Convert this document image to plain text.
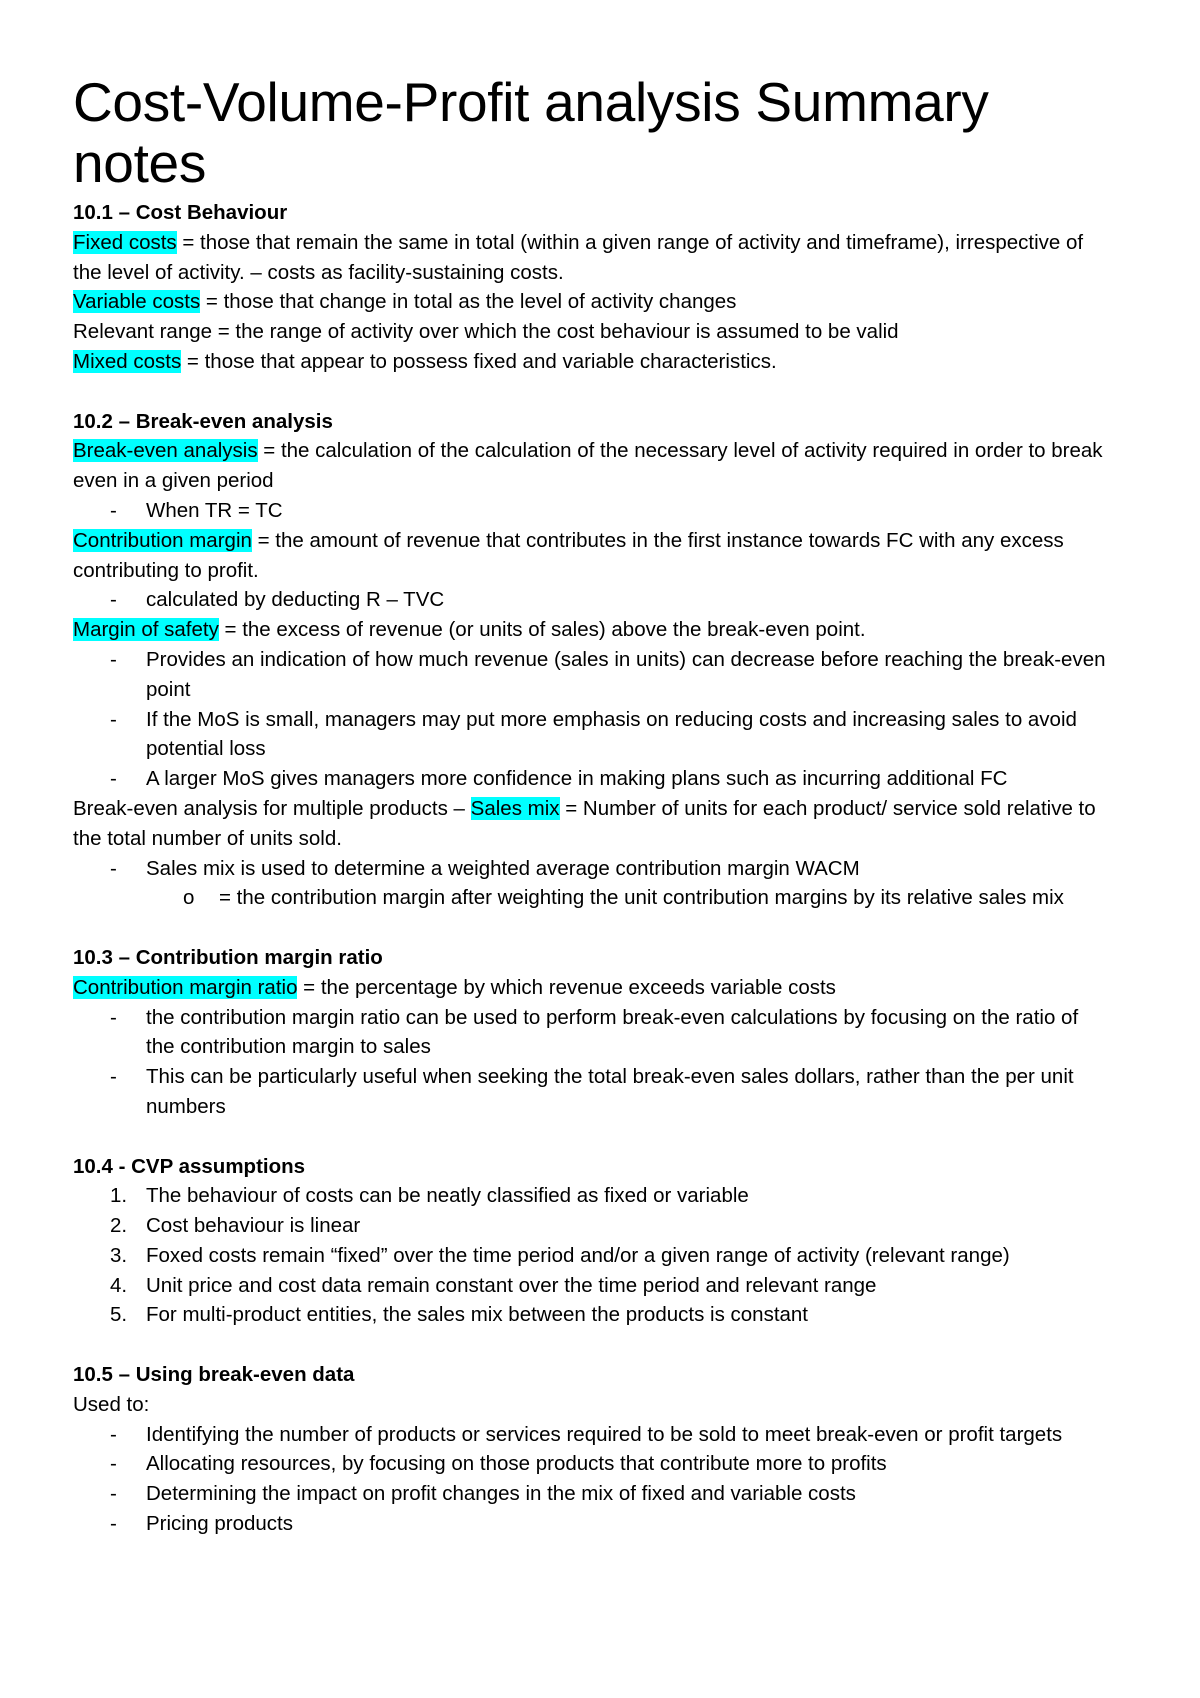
Cost-Volume-Profit analysis Summary notes

10.1 – Cost Behaviour

Fixed costs = those that remain the same in total (within a given range of activity and timeframe), irrespective of the level of activity. – costs as facility-sustaining costs.

Variable costs = those that change in total as the level of activity changes

Relevant range = the range of activity over which the cost behaviour is assumed to be valid

Mixed costs = those that appear to possess fixed and variable characteristics.

10.2 – Break-even analysis

Break-even analysis = the calculation of the calculation of the necessary level of activity required in order to break even in a given period

- When TR = TC

Contribution margin = the amount of revenue that contributes in the first instance towards FC with any excess contributing to profit.

- calculated by deducting R – TVC

Margin of safety = the excess of revenue (or units of sales) above the break-even point.

- Provides an indication of how much revenue (sales in units) can decrease before reaching the break-even point
- If the MoS is small, managers may put more emphasis on reducing costs and increasing sales to avoid potential loss
- A larger MoS gives managers more confidence in making plans such as incurring additional FC

Break-even analysis for multiple products – Sales mix = Number of units for each product/ service sold relative to the total number of units sold.

- Sales mix is used to determine a weighted average contribution margin WACM
o = the contribution margin after weighting the unit contribution margins by its relative sales mix

10.3 – Contribution margin ratio

Contribution margin ratio = the percentage by which revenue exceeds variable costs

- the contribution margin ratio can be used to perform break-even calculations by focusing on the ratio of the contribution margin to sales
- This can be particularly useful when seeking the total break-even sales dollars, rather than the per unit numbers

10.4 - CVP assumptions

1. The behaviour of costs can be neatly classified as fixed or variable
2. Cost behaviour is linear
3. Foxed costs remain “fixed” over the time period and/or a given range of activity (relevant range)
4. Unit price and cost data remain constant over the time period and relevant range
5. For multi-product entities, the sales mix between the products is constant

10.5 – Using break-even data

Used to:

- Identifying the number of products or services required to be sold to meet break-even or profit targets
- Allocating resources, by focusing on those products that contribute more to profits
- Determining the impact on profit changes in the mix of fixed and variable costs
- Pricing products
